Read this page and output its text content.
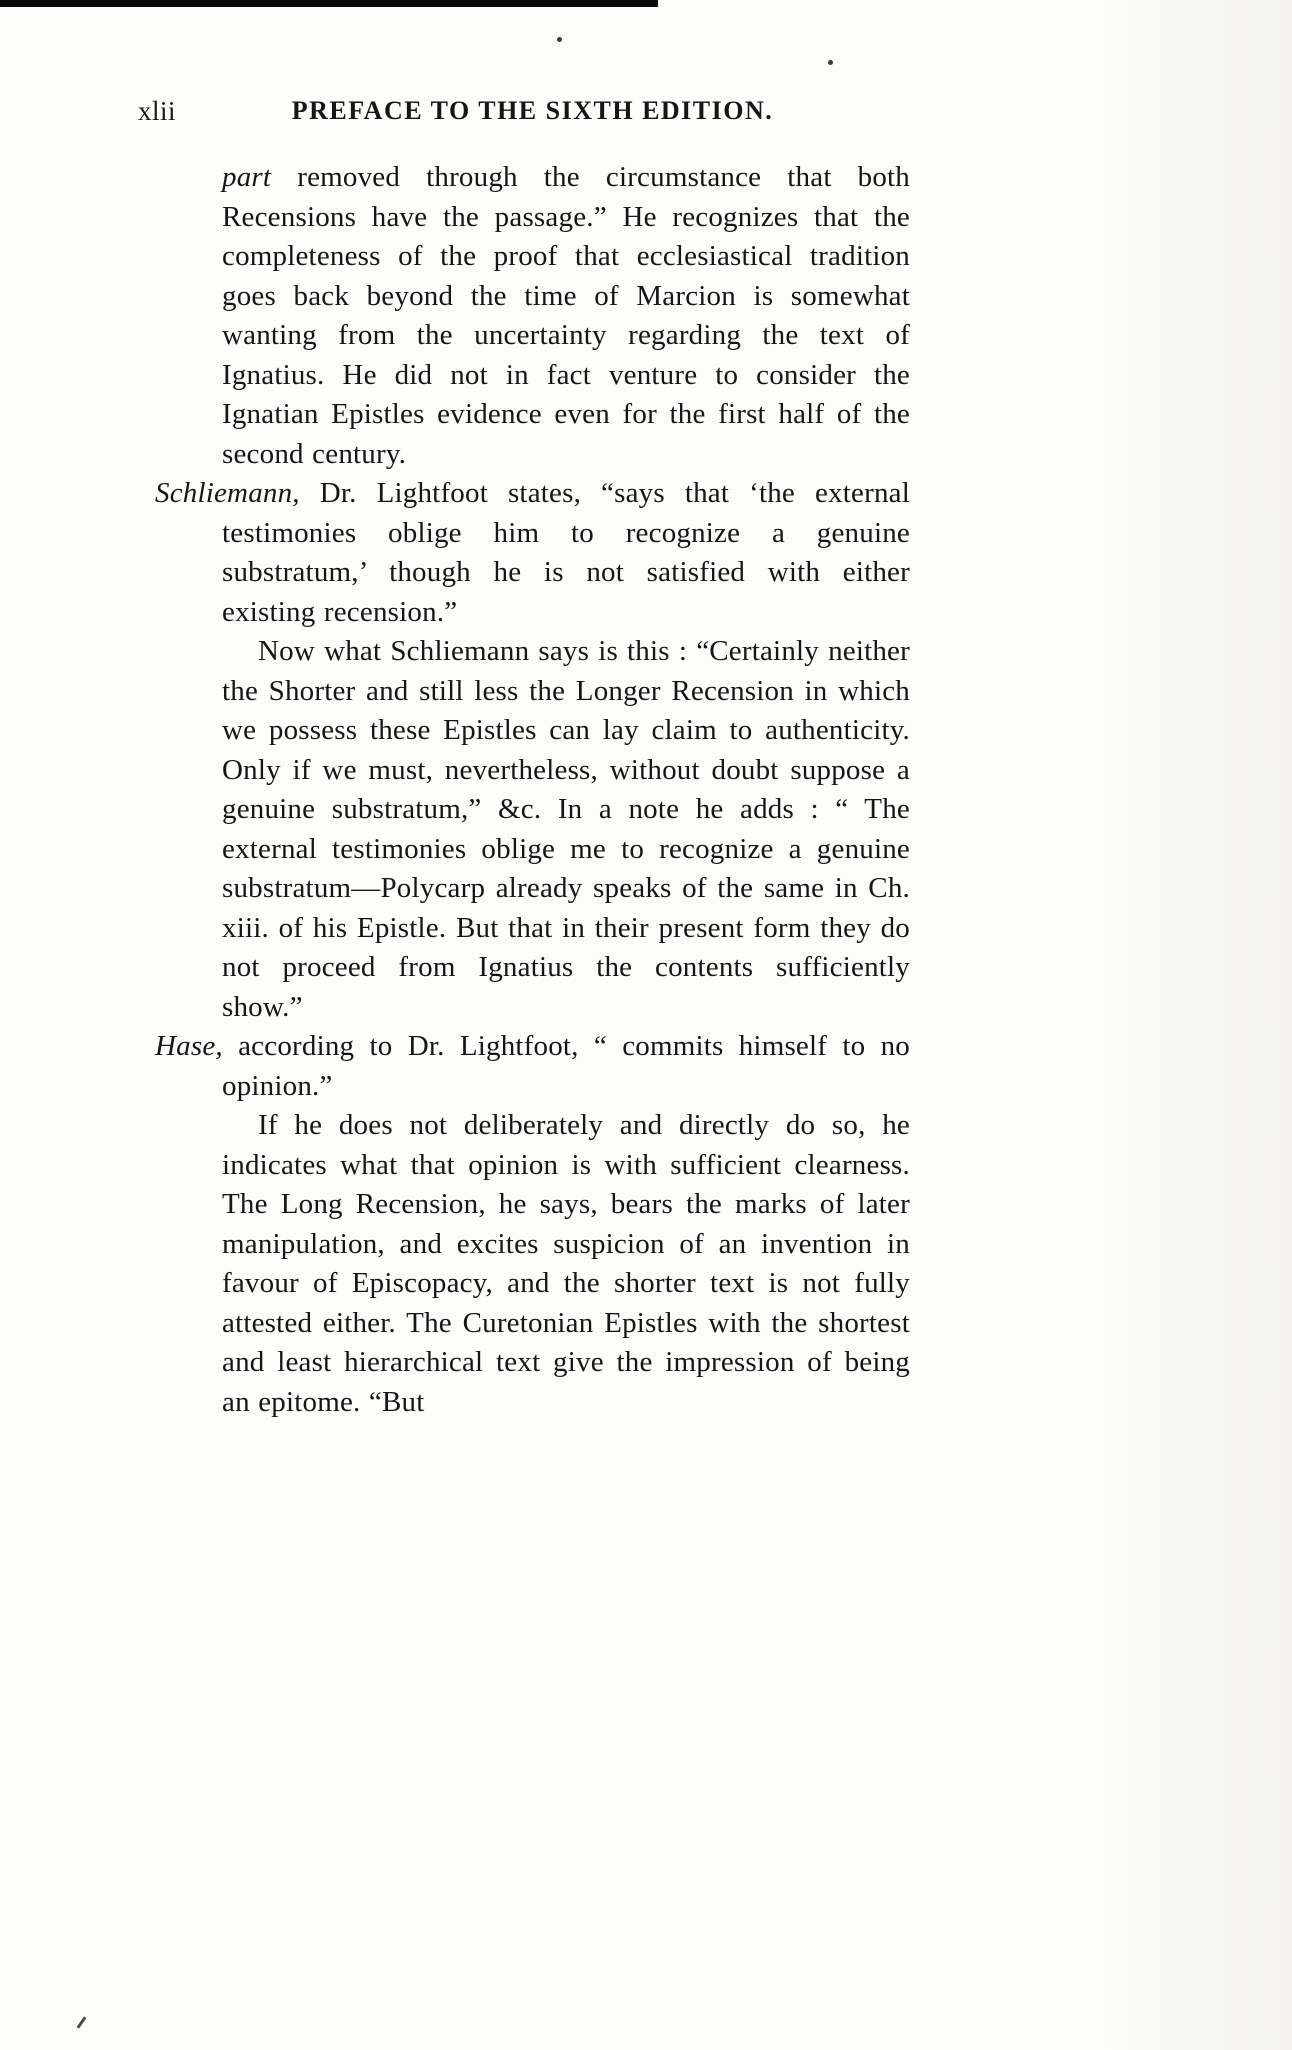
xlii	PREFACE TO THE SIXTH EDITION.

part removed through the circumstance that both Recensions have the passage.” He recognizes that the completeness of the proof that ecclesiastical tradition goes back beyond the time of Marcion is somewhat wanting from the uncertainty regarding the text of Ignatius. He did not in fact venture to consider the Ignatian Epistles evidence even for the first half of the second century.

Schliemann, Dr. Lightfoot states, “says that ‘the external testimonies oblige him to recognize a genuine substratum,’ though he is not satisfied with either existing recension.”

Now what Schliemann says is this : “Certainly neither the Shorter and still less the Longer Recension in which we possess these Epistles can lay claim to authenticity. Only if we must, nevertheless, without doubt suppose a genuine substratum,” &c. In a note he adds : “ The external testimonies oblige me to recognize a genuine substratum—Polycarp already speaks of the same in Ch. xiii. of his Epistle. But that in their present form they do not proceed from Ignatius the contents sufficiently show.”

Hase, according to Dr. Lightfoot, “ commits himself to no opinion.”

If he does not deliberately and directly do so, he indicates what that opinion is with sufficient clearness. The Long Recension, he says, bears the marks of later manipulation, and excites suspicion of an invention in favour of Episcopacy, and the shorter text is not fully attested either. The Curetonian Epistles with the shortest and least hierarchical text give the impression of being an epitome. “But
